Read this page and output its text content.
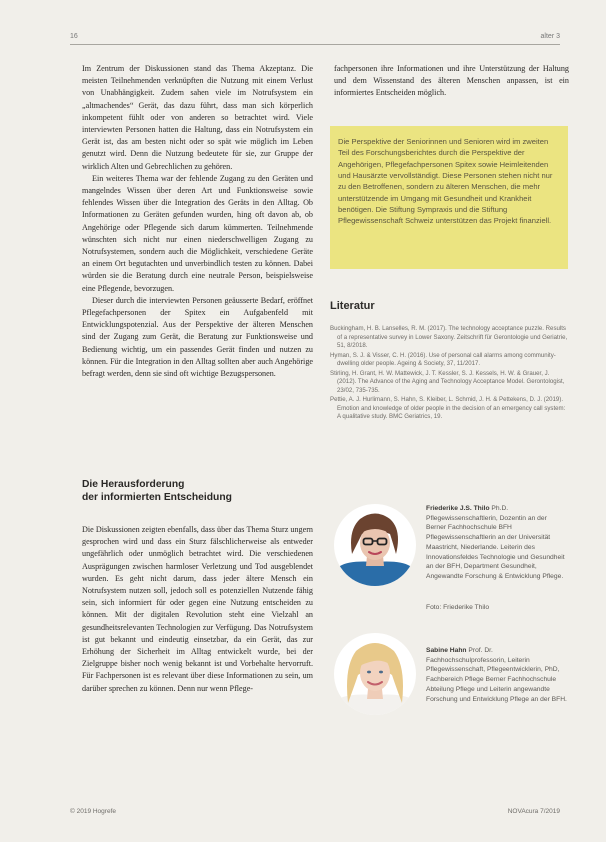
16	alter 3

Im Zentrum der Diskussionen stand das Thema Akzeptanz. Die meisten Teilnehmenden verknüpften die Nutzung mit einem Verlust von Unabhängigkeit. Zudem sahen viele im Notrufsystem ein „altmachendes“ Gerät, das dazu führt, dass man sich körperlich inkompetent fühlt oder von anderen so betrachtet wird. Viele interviewten Personen hatten die Haltung, dass ein Notrufsystem ein Gerät ist, das am besten nicht oder so spät wie möglich im Leben genutzt wird. Denn die Nutzung bedeutete für sie, zur Gruppe der wirklich Alten und Gebrechlichen zu gehören.

Ein weiteres Thema war der fehlende Zugang zu den Geräten und mangelndes Wissen über deren Art und Funktionsweise sowie fehlendes Wissen über die Integration des Geräts in den Alltag. Ob Informationen zu Geräten gefunden wurden, hing oft davon ab, ob Angehörige oder Pflegende sich darum kümmerten. Teilnehmende wünschten sich nicht nur einen niederschwelligen Zugang zu Notrufsystemen, sondern auch die Möglichkeit, verschiedene Geräte an einem Ort begutachten und unverbindlich testen zu können. Dabei würden sie die Beratung durch eine neutrale Person, beispielsweise eine Pflegende, bevorzugen.

Dieser durch die interviewten Personen geäusserte Bedarf, eröffnet Pflegefachpersonen der Spitex ein Aufgabenfeld mit Entwicklungspotenzial. Aus der Perspektive der älteren Menschen sind der Zugang zum Gerät, die Beratung zur Funktionsweise und Bedienung wichtig, um ein passendes Gerät finden und nutzen zu können. Für die Integration in den Alltag sollten aber auch Angehörige befragt werden, denn sie sind oft wichtige Bezugspersonen.

fachpersonen ihre Informationen und ihre Unterstützung der Haltung und dem Wissenstand des älteren Menschen anpassen, ist ein informiertes Entscheiden möglich.

Die Perspektive der Seniorinnen und Senioren wird im zweiten Teil des Forschungsberichtes durch die Perspektive der Angehörigen, Pflegefachpersonen Spitex sowie Heimleitenden und Hausärzte vervollständigt. Diese Personen stehen nicht nur zu den Betroffenen, sondern zu älteren Menschen, die mehr unterstützende im Umgang mit Gesundheit und Krankheit benötigen. Die Stiftung Sympraxis und die Stiftung Pflegewissenschaft Schweiz unterstützen das Projekt finanziell.

Literatur
Buckingham, H. B. Lanselles, R. M. (2017). The technology acceptance puzzle. Results of a representative survey in Lower Saxony. Zeitschrift für Gerontologie und Geriatrie, 51, 8/2018.
Hyman, S. J. & Visser, C. H. (2016). Use of personal call alarms among community-dwelling older people. Ageing & Society, 37, 11/2017.
Stirling, H. Grant, H. W. Mattewick, J. T. Kessler, S. J. Kessels, H. W. & Grauer, J. (2012). The Advance of the Aging and Technology Acceptance Model. Gerontologist, 23/02, 735-735.
Pettie, A. J. Hurlimann, S. Hahn, S. Kleiber, L. Schmid, J. H. & Pettekens, D. J. (2019). Emotion and knowledge of older people in the decision of an emergency call system: A qualitative study. BMC Geriatrics, 19.
Die Herausforderung
der informierten Entscheidung

Die Diskussionen zeigten ebenfalls, dass über das Thema Sturz ungern gesprochen wird und dass ein Sturz fälschlicherweise als entweder ungefährlich oder unmöglich betrachtet wird. Die verschiedenen Ausprägungen zwischen harmloser Verletzung und Tod ausgeblendet wurden. Es geht nicht darum, dass jeder ältere Mensch ein Notrufsystem nutzen soll, jedoch soll es potenziellen Nutzende fähig sein, sich informiert für oder gegen eine Nutzung entscheiden zu können. Mit der digitalen Revolution steht eine Vielzahl an gesundheitsrelevanten Technologien zur Verfügung. Das Notrufsystem ist gut bekannt und eindeutig einsetzbar, da ein Gerät, das zur Erhöhung der Sicherheit im Alltag entwickelt wurde, bei der Zielgruppe bisher noch wenig bekannt ist und Vorbehalte hervorruft. Für Fachpersonen ist es relevant über diese Informationen zu sein, um darüber sprechen zu können. Denn nur wenn Pflege-

Friederike J.S. Thilo Ph.D. Pflegewissenschaftlerin, Dozentin an der Berner Fachhochschule BFH Pflegewissenschaftlerin an der Universität Maastricht, Niederlande. Leiterin des Innovationsfeldes Technologie und Gesundheit an der BFH, Department Gesundheit, Angewandte Forschung & Entwicklung Pflege.
Foto: Friederike Thilo
Sabine Hahn Prof. Dr. Fachhochschulprofessorin, Leiterin Pflegewissenschaft, Pflegeentwicklerin, PhD, Fachbereich Pflege Berner Fachhochschule Abteilung Pflege und Leiterin angewandte Forschung und Entwicklung Pflege an der BFH.
© 2019 Hogrefe	NOVAcura 7/2019
